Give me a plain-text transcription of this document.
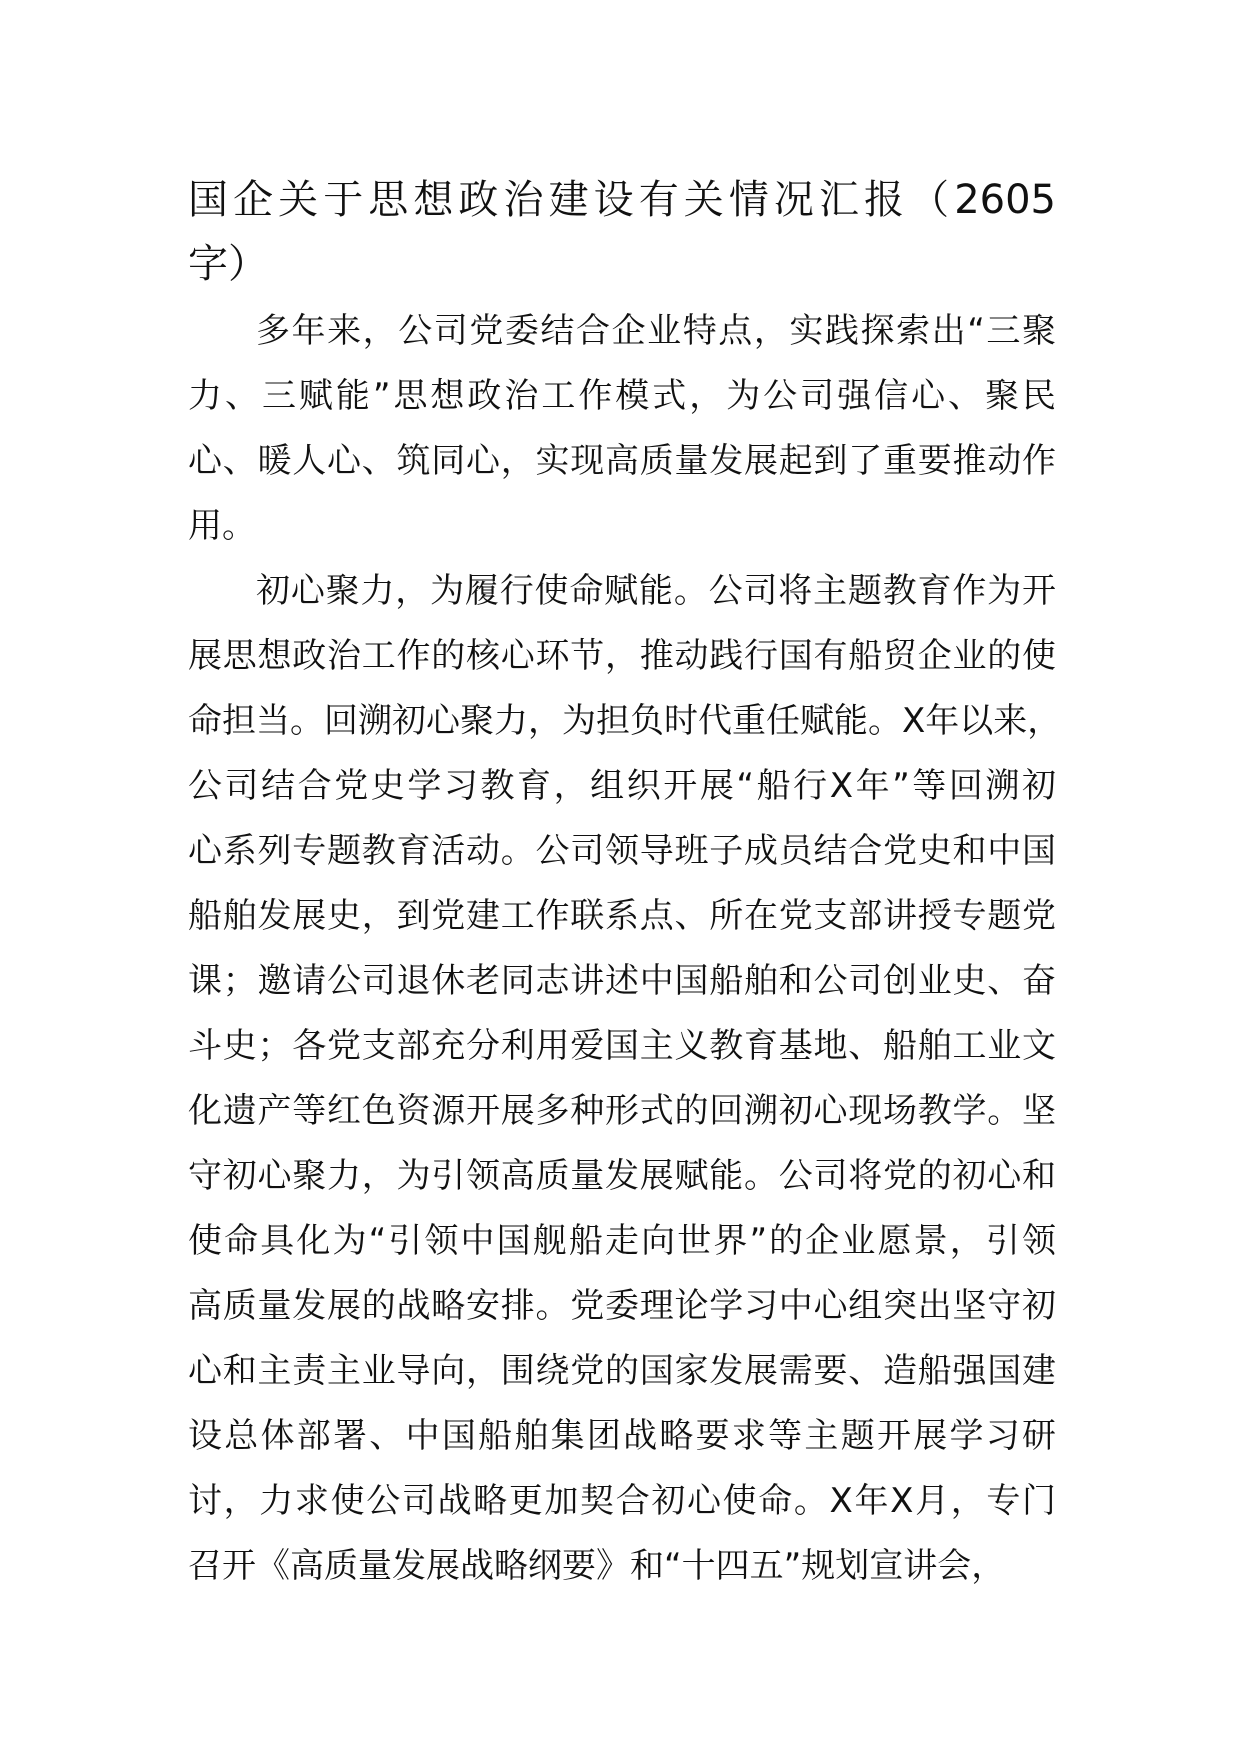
国企关于思想政治建设有关情况汇报（2605
字）
多年来，公司党委结合企业特点，实践探索出“三聚
力、三赋能”思想政治工作模式，为公司强信心、聚民
心、暖人心、筑同心，实现高质量发展起到了重要推动作
用。
初心聚力，为履行使命赋能。公司将主题教育作为开
展思想政治工作的核心环节，推动践行国有船贸企业的使
命担当。回溯初心聚力，为担负时代重任赋能。X年以来，
公司结合党史学习教育，组织开展“船行X年”等回溯初
心系列专题教育活动。公司领导班子成员结合党史和中国
船舶发展史，到党建工作联系点、所在党支部讲授专题党
课；邀请公司退休老同志讲述中国船舶和公司创业史、奋
斗史；各党支部充分利用爱国主义教育基地、船舶工业文
化遗产等红色资源开展多种形式的回溯初心现场教学。坚
守初心聚力，为引领高质量发展赋能。公司将党的初心和
使命具化为“引领中国舰船走向世界”的企业愿景，引领
高质量发展的战略安排。党委理论学习中心组突出坚守初
心和主责主业导向，围绕党的国家发展需要、造船强国建
设总体部署、中国船舶集团战略要求等主题开展学习研
讨，力求使公司战略更加契合初心使命。X年X月，专门
召开《高质量发展战略纲要》和“十四五”规划宣讲会，
